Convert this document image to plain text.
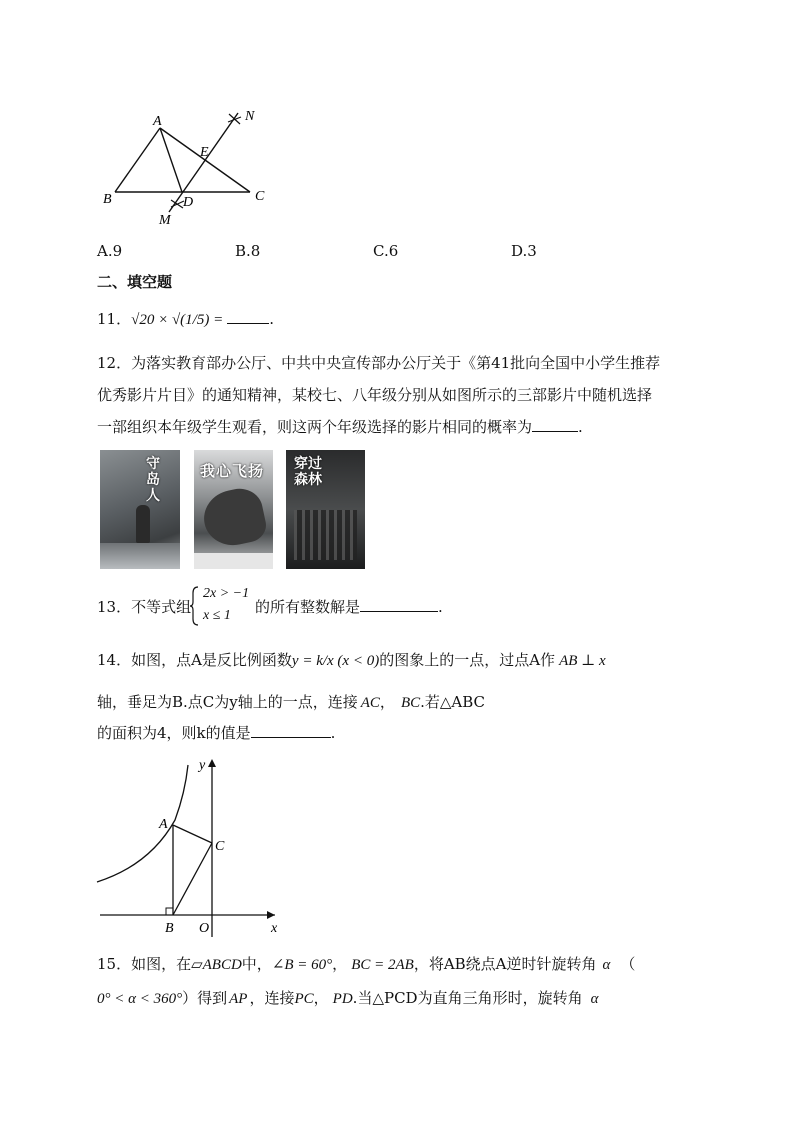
A
B	C
D
E
M
N
A.9	B.8	C.6	D.3
二、填空题
11．√20 × √(1/5) =	.
12．为落实教育部办公厅、中共中央宣传部办公厅关于《第41批向全国中小学生推荐
优秀影片片目》的通知精神，某校七、八年级分别从如图所示的三部影片中随机选择
一部组织本年级学生观看，则这两个年级选择的影片相同的概率为	.
守岛人
我心飞扬 穿过森林
13．不等式组
2x > −1
x ≤ 1 的所有整数解是	.
14．如图，点A是反比例函数y = k/x (x < 0)的图象上的一点，过点A作 AB ⊥ x
轴，垂足为B.点C为y轴上的一点，连接 AC， BC.若△ABC
的面积为4，则k的值是	.
y
A
C
B O	x
15．如图，在▱ABCD中，∠B = 60°， BC = 2AB，将AB绕点A逆时针旋转角 α （
0° < α < 360°）得到 AP ，连接PC， PD.当△PCD为直角三角形时，旋转角 α
